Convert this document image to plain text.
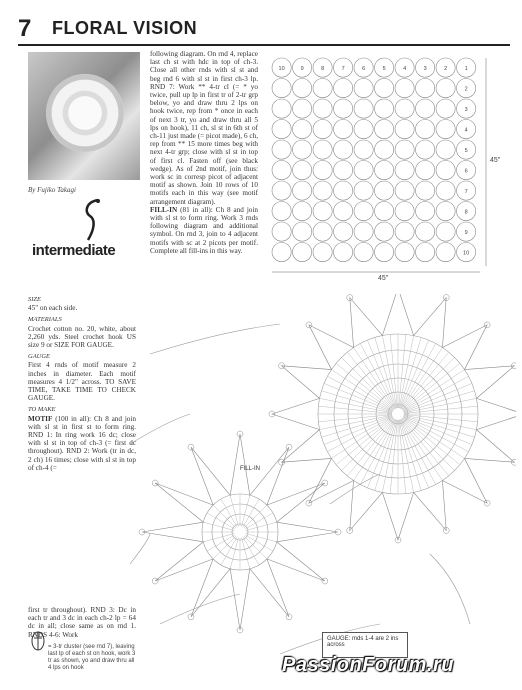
7	FLORAL VISION
By Fujiko Takagi
intermediate
following diagram. On rnd 4, replace last ch st with hdc in top of ch-3. Close all other rnds with sl st and beg rnd 6 with sl st in first ch-3 lp. RND 7: Work ** 4-tr cl (= * yo twice, pull up lp in first tr of 2-tr grp below, yo and draw thru 2 lps on hook twice, rep from * once in each of next 3 tr, yo and draw thru all 5 lps on hook), 11 ch, sl st in 6th st of ch-11 just made (= picot made), 6 ch, rep from ** 15 more times beg with next 4-tr grp; close with sl st in top of first cl. Fasten off (see black wedge). As of 2nd motif, join thus: work sc in corresp picot of adjacent motif as shown. Join 10 rows of 10 motifs each in this way (see motif arrangement diagram).
FILL-IN (81 in all): Ch 8 and join with sl st to form ring. Work 3 rnds following diagram and additional symbol. On rnd 3, join to 4 adjacent motifs with sc at 2 picots per motif. Complete all fill-ins in this way.
SIZE
45" on each side.
MATERIALS
Crochet cotton no. 20, white, about 2,260 yds. Steel crochet hook US size 9 or SIZE FOR GAUGE.
GAUGE
First 4 rnds of motif measure 2 inches in diameter. Each motif measures 4 1/2" across. TO SAVE TIME, TAKE TIME TO CHECK GAUGE.
TO MAKE
MOTIF (100 in all): Ch 8 and join with sl st in first st to form ring. RND 1: In ring work 16 dc; close with sl st in top of ch-3 (= first dc throughout). RND 2: Work (tr in dc, 2 ch) 16 times; close with sl st in top of ch-4 (=
first tr throughout). RND 3: Dc in each tr and 3 dc in each ch-2 lp = 64 dc in all; close same as on rnd 1. RNDS 4-6: Work
10	9	8	7	6	5	4	3	2	1
2
3
4
5
6
7
8
9
10
45"
45"
FILL-IN
GAUGE: mds 1-4 are 2 ins across
= 3-tr cluster (see rnd 7), leaving last lp of each st on hook, work 3 tr as shown, yo and draw thru all 4 lps on hook	PassionForum.ru
